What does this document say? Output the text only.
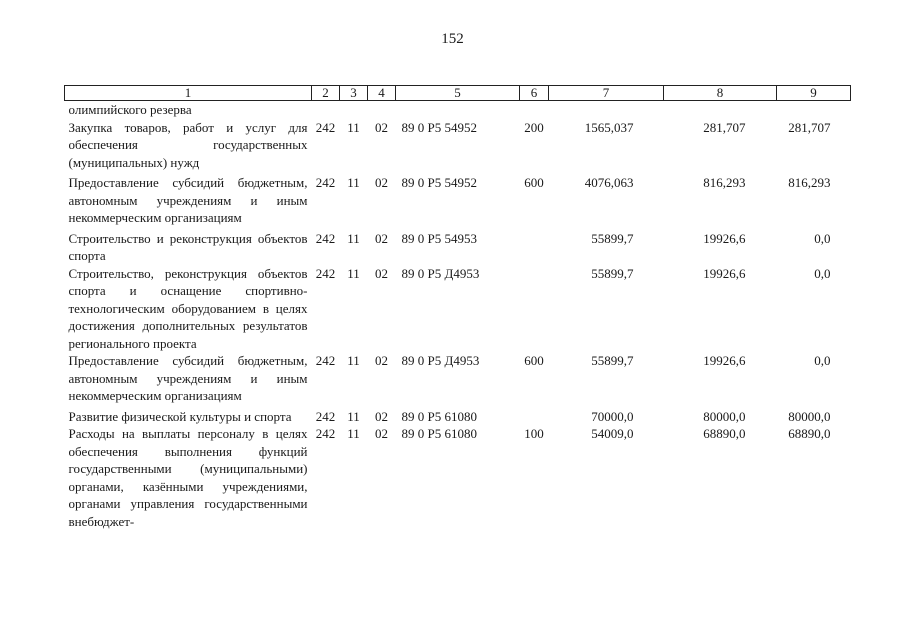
152
1	2	3	4	5	6	7	8	9
олимпийского резерва								
Закупка товаров, работ и услуг для обеспечения государственных (муниципальных) нужд	242	11	02	89 0 Р5 54952	200	1565,037	281,707	281,707
Предоставление субсидий бюджетным, автономным учреждениям и иным некоммерческим организациям	242	11	02	89 0 Р5 54952	600	4076,063	816,293	816,293
Строительство и реконструкция объектов спорта	242	11	02	89 0 Р5 54953		55899,7	19926,6	0,0
Строительство, реконструкция объектов спорта и оснащение спортивно-технологическим оборудованием в целях достижения дополнительных результатов регионального проекта	242	11	02	89 0 Р5 Д4953		55899,7	19926,6	0,0
Предоставление субсидий бюджетным, автономным учреждениям и иным некоммерческим организациям	242	11	02	89 0 Р5 Д4953	600	55899,7	19926,6	0,0
Развитие физической культуры и спорта	242	11	02	89 0 Р5 61080		70000,0	80000,0	80000,0
Расходы на выплаты персоналу в целях обеспечения выполнения функций государственными (муниципальными) органами, казёнными учреждениями, органами управления государственными внебюджет-	242	11	02	89 0 Р5 61080	100	54009,0	68890,0	68890,0
